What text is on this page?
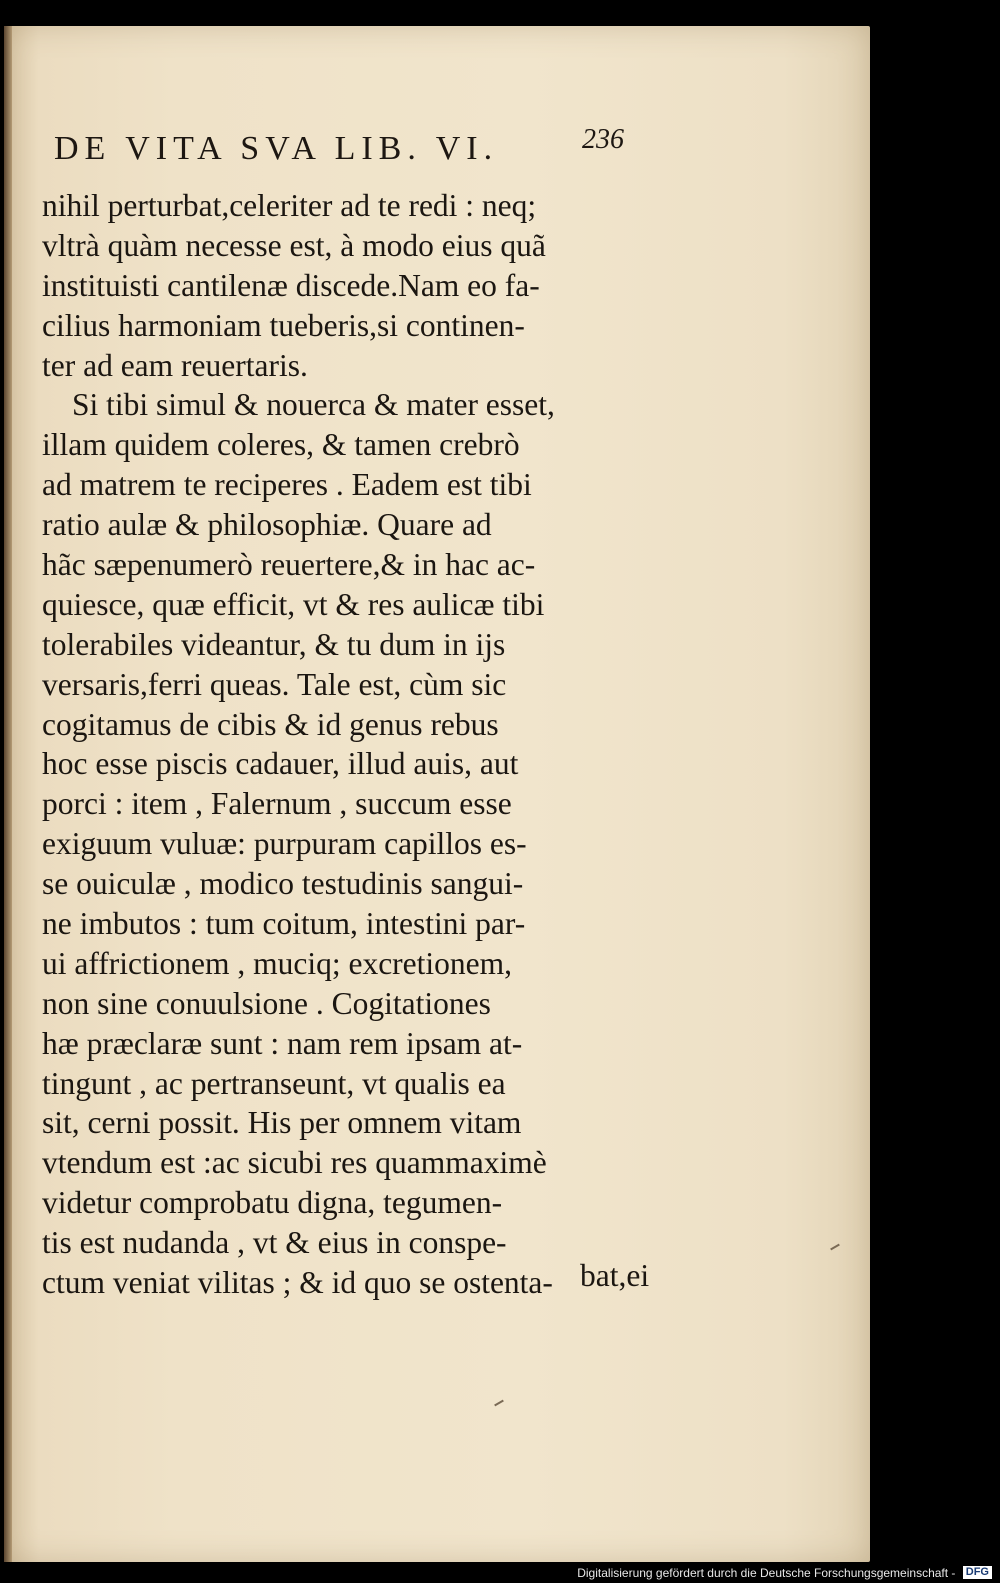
DE VITA SVA LIB. VI.	236
nihil perturbat,celeriter ad te redi : neq;
vltrà quàm necesse est, à modo eius quã
instituisti cantilenæ discede.Nam eo fa-
cilius harmoniam tueberis,si continen-
ter ad eam reuertaris.
Si tibi simul & nouerca & mater esset,
illam quidem coleres, & tamen crebrò
ad matrem te reciperes . Eadem est tibi
ratio aulæ & philosophiæ. Quare ad
hãc sæpenumerò reuertere,& in hac ac-
quiesce, quæ efficit, vt & res aulicæ tibi
tolerabiles videantur, & tu dum in ijs
versaris,ferri queas. Tale est, cùm sic
cogitamus de cibis & id genus rebus
hoc esse piscis cadauer, illud auis, aut
porci : item , Falernum , succum esse
exiguum vuluæ: purpuram capillos es-
se ouiculæ , modico testudinis sangui-
ne imbutos : tum coitum, intestini par-
ui affrictionem , muciq; excretionem,
non sine conuulsione . Cogitationes
hæ præclaræ sunt : nam rem ipsam at-
tingunt , ac pertranseunt, vt qualis ea
sit, cerni possit. His per omnem vitam
vtendum est :ac sicubi res quammaximè
videtur comprobatu digna, tegumen-
tis est nudanda , vt & eius in conspe-
ctum veniat vilitas ; & id quo se ostenta- bat,ei
Digitalisierung gefördert durch die Deutsche Forschungsgemeinschaft - DFG
